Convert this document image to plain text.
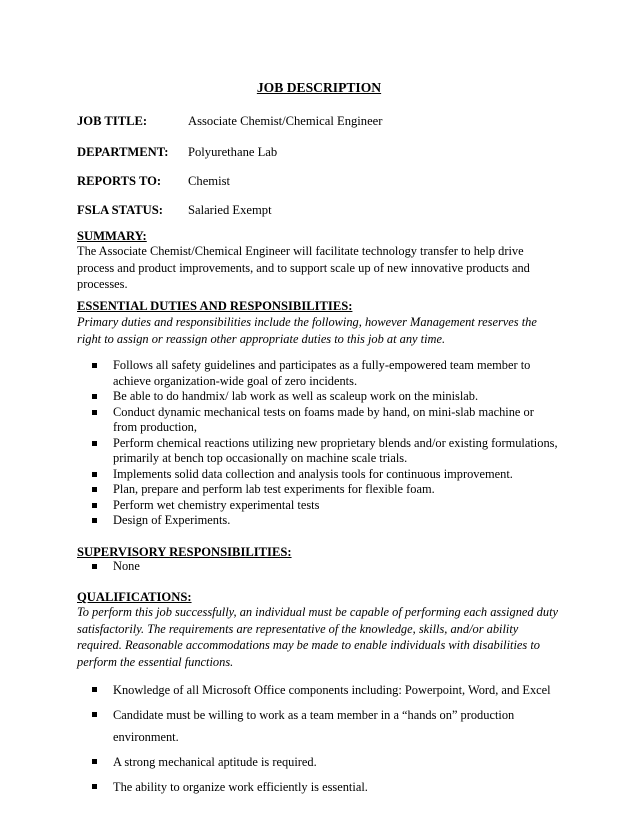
JOB DESCRIPTION
JOB TITLE:	Associate Chemist/Chemical Engineer
DEPARTMENT: Polyurethane Lab
REPORTS TO: Chemist
FSLA STATUS: Salaried Exempt
SUMMARY:
The Associate Chemist/Chemical Engineer will facilitate technology transfer to help drive
process and product improvements, and to support scale up of new innovative products and
processes.
ESSENTIAL DUTIES AND RESPONSIBILITIES:
Primary duties and responsibilities include the following, however Management reserves the
right to assign or reassign other appropriate duties to this job at any time.
Follows all safety guidelines and participates as a fully-empowered team member to
achieve organization-wide goal of zero incidents.
Be able to do handmix/ lab work as well as scaleup work on the minislab.
Conduct dynamic mechanical tests on foams made by hand, on mini-slab machine or
from production,
Perform chemical reactions utilizing new proprietary blends and/or existing formulations,
primarily at bench top occasionally on machine scale trials.
Implements solid data collection and analysis tools for continuous improvement.
Plan, prepare and perform lab test experiments for flexible foam.
Perform wet chemistry experimental tests
Design of Experiments.
SUPERVISORY RESPONSIBILITIES:
None
QUALIFICATIONS:
To perform this job successfully, an individual must be capable of performing each assigned duty
satisfactorily. The requirements are representative of the knowledge, skills, and/or ability
required. Reasonable accommodations may be made to enable individuals with disabilities to
perform the essential functions.
Knowledge of all Microsoft Office components including: Powerpoint, Word, and Excel
Candidate must be willing to work as a team member in a “hands on” production
environment.
A strong mechanical aptitude is required.
The ability to organize work efficiently is essential.
